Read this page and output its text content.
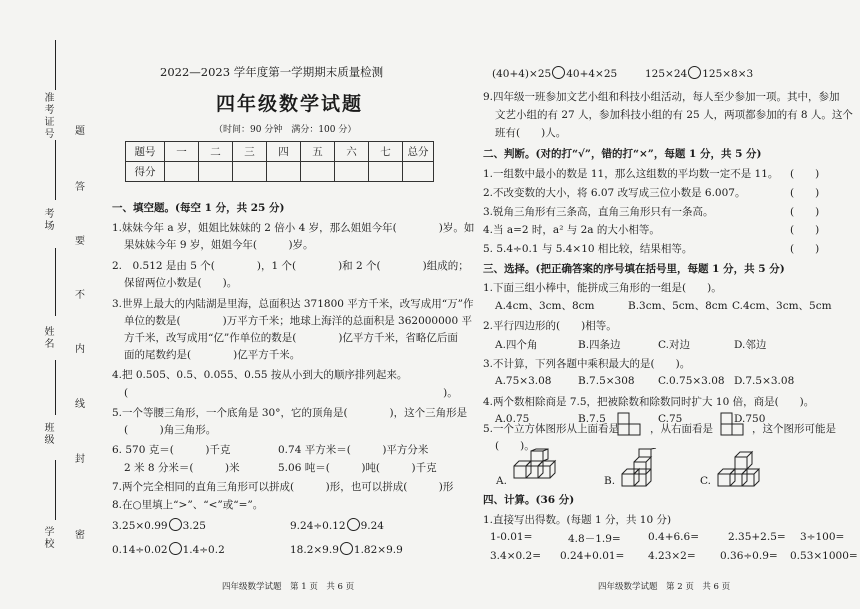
准考证号
考场
姓名
班级
学校
题
答
要
不
内
线
封
密
2022—2023 学年度第一学期期末质量检测
四年级数学试题
（时间：90 分钟　满分：100 分）
题号	一	二	三	四	五	六	七	总分
得分								
一、填空题。(每空 1 分，共 25 分)
1.妹妹今年 a 岁，姐姐比妹妹的 2 倍小 4 岁，那么姐姐今年(　　　　)岁。如
果妹妹今年 9 岁，姐姐今年(　　　)岁。
2.　0.512 是由 5 个(　　　　)，1 个(　　　　)和 2 个(　　　　)组成的；
保留两位小数是(　　)。
3.世界上最大的内陆湖是里海，总面积达 371800 平方千米，改写成用“万”作
单位的数是(　　　　)万平方千米；地球上海洋的总面积是 362000000 平
方千米，改写成用“亿”作单位的数是(　　　　)亿平方千米，省略亿后面
面的尾数约是(　　　　)亿平方千米。
4.把 0.505、0.5、0.055、0.55 按从小到大的顺序排列起来。
(　　　　　　　　　　　　　　　　　　　　　　　　　　　　　　)。
5.一个等腰三角形，一个底角是 30°，它的顶角是(　　　　)，这个三角形是
(　　　)角三角形。
6. 570 克＝(　　　)千克	0.74 平方米＝(　　　)平方分米
2 米 8 分米＝(　　　)米	5.06 吨＝(　　　)吨(　　　)千克
7.两个完全相同的直角三角形可以拼成(　　　)形，也可以拼成(　　　)形
8.在○里填上“>”、“<”或“=”。
3.25×0.99 3.25	9.24÷0.12 9.24
0.14÷0.02 1.4÷0.2	18.2×9.9 1.82×9.9
四年级数学试题　第 1 页　共 6 页
(40+4)×25 40+4×25	125×24 125×8×3
9.四年级一班参加文艺小组和科技小组活动，每人至少参加一项。其中，参加
文艺小组的有 27 人，参加科技小组的有 25 人，两项都参加的有 8 人。这个
班有(　　)人。
二、判断。(对的打“√”，错的打“×”，每题 1 分，共 5 分)
1.一组数中最小的数是 11，那么这组数的平均数一定不是 11。 (　　)
2.不改变数的大小，将 6.07 改写成三位小数是 6.007。	(　　)
3.锐角三角形有三条高，直角三角形只有一条高。	(　　)
4.当 a=2 时，a² 与 2a 的大小相等。	(　　)
5. 5.4÷0.1 与 5.4×10 相比较，结果相等。	(　　)
三、选择。(把正确答案的序号填在括号里，每题 1 分，共 5 分)
1.下面三组小棒中，能拼成三角形的一组是(　　)。
A.4cm、3cm、8cm	B.3cm、5cm、8cm C.4cm、3cm、5cm
2.平行四边形的(　　)相等。
A.四个角	B.四条边	C.对边	D.邻边
3.不计算，下列各题中乘积最大的是(　　)。
A.75×3.08	B.7.5×308 C.0.75×3.08 D.7.5×3.08
4.两个数相除商是 7.5，把被除数和除数同时扩大 10 倍，商是(　　)。
A.0.75	B.7.5	C.75	D.750
5.一个立方体图形从上面看是	，从右面看是	，这个图形可能是
(　　)。
A.	B.	C.
四、计算。(36 分)
1.直接写出得数。(每题 1 分，共 10 分)
1-0.01=	4.8－1.9=	0.4+6.6=	2.35+2.5= 3÷100=
3.4×0.2= 0.24+0.01= 4.23×2= 0.36÷0.9= 0.53×1000=
四年级数学试题　第 2 页　共 6 页
